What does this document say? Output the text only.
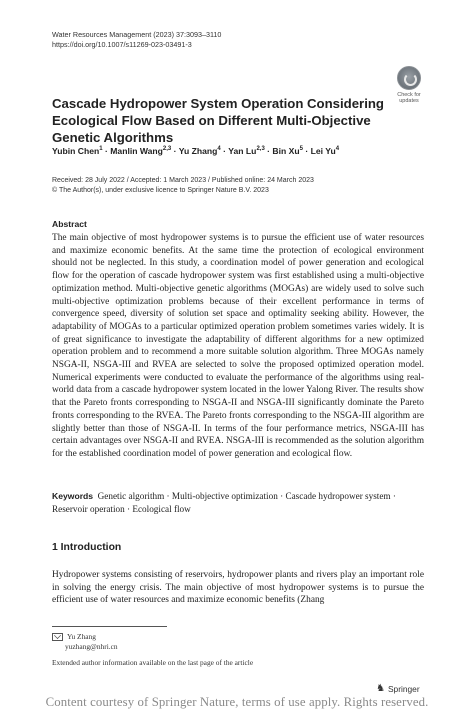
Water Resources Management (2023) 37:3093–3110
https://doi.org/10.1007/s11269-023-03491-3
Check for
updates
Cascade Hydropower System Operation Considering Ecological Flow Based on Different Multi-Objective Genetic Algorithms
Yubin Chen$^1$ · Manlin Wang$^{2,3}$ · Yu Zhang$^4$ · Yan Lu$^{2,3}$ · Bin $Xu^5$ · Lei Yu$^4$
Received: 28 July 2022 / Accepted: 1 March 2023 / Published online: 24 March 2023
© The Author(s), under exclusive licence to Springer Nature B.V. 2023
Abstract
The main objective of most hydropower systems is to pursue the efficient use of water resources and maximize economic benefits. At the same time the protection of ecological environment should not be neglected. In this study, a coordination model of power generation and ecological flow for the operation of cascade hydropower system was first established using a multi-objective optimization method. Multi-objective genetic algorithms (MOGAs) are widely used to solve such multi-objective optimization problems because of their excellent performance in terms of convergence speed, diversity of solution set space and optimality seeking ability. However, the adaptability of MOGAs to a particular optimized operation problem sometimes varies widely. It is of great significance to investigate the adaptability of different algorithms for a new optimized operation problem and to recommend a more suitable solution algorithm. Three MOGAs namely NSGA-II, NSGA-III and RVEA are selected to solve the proposed optimized operation model. Numerical experiments were conducted to evaluate the performance of the algorithms using real-world data from a cascade hydropower system located in the lower Yalong River. The results show that the Pareto fronts corresponding to NSGA-II and NSGA-III significantly dominate the Pareto fronts corresponding to the RVEA. The Pareto fronts corresponding to the NSGA-III algorithm are slightly better than those of NSGA-II. In terms of the four performance metrics, NSGA-III has certain advantages over NSGA-II and RVEA. NSGA-III is recommended as the solution algorithm for the established coordination model of power generation and ecological flow.
Keywords Genetic algorithm · Multi-objective optimization · Cascade hydropower system · Reservoir operation · Ecological flow
1 Introduction
Hydropower systems consisting of reservoirs, hydropower plants and rivers play an important role in solving the energy crisis. The main objective of most hydropower systems is to pursue the efficient use of water resources and maximize economic benefits (Zhang
Yu Zhang
yuzhang@nhri.cn
Extended author information available on the last page of the article
♞ Springer
Content courtesy of Springer Nature, terms of use apply. Rights reserved.
